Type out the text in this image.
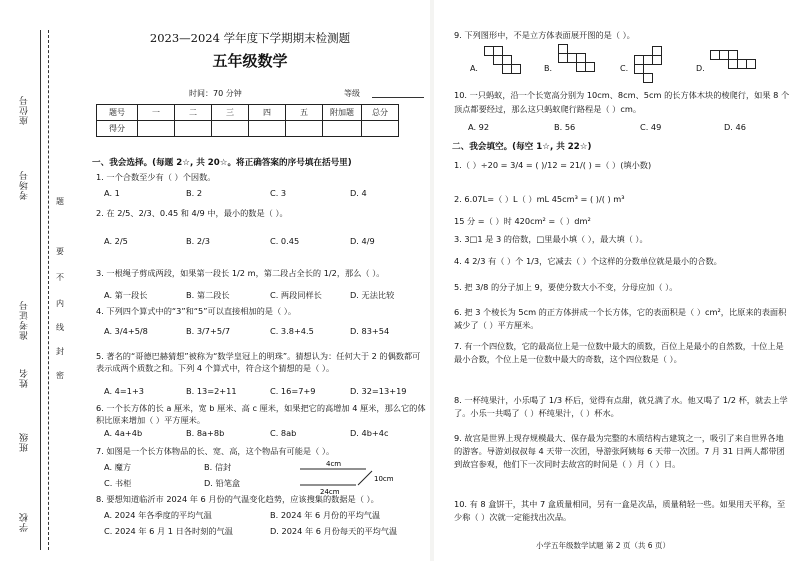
座位号
考场号
准考证号
姓名
班级
学校
题
要
不
内
线
封
密
2023—2024 学年度下学期期末检测题
五年级数学
时间：70 分钟	等级
题号	一	二	三	四	五	附加题	总分
得分							
一、我会选择。(每题 2☆, 共 20☆。将正确答案的序号填在括号里)
1. 一个合数至少有（ ）个因数。
A. 1	B. 2	C. 3	D. 4
2. 在 2/5、2/3、0.45 和 4/9 中，最小的数是（ ）。
A. 2/5	B. 2/3	C. 0.45	D. 4/9
3. 一根绳子剪成两段，如果第一段长 1/2 m，第二段占全长的 1/2，那么（ ）。
A. 第一段长	B. 第二段长	C. 两段同样长	D. 无法比较
4. 下列四个算式中的“3”和“5”可以直接相加的是（ ）。
A. 3/4+5/8	B. 3/7+5/7	C. 3.8+4.5	D. 83+54
5. 著名的“哥德巴赫猜想”被称为“数学皇冠上的明珠”。猜想认为：任何大于 2 的偶数都可表示成两个质数之和。下列 4 个算式中，符合这个猜想的是（ ）。
A. 4=1+3	B. 13=2+11	C. 16=7+9	D. 32=13+19
6. 一个长方体的长 a 厘米，宽 b 厘米、高 c 厘米，如果把它的高增加 4 厘米，那么它的体积比原来增加（ ）平方厘米。
A. 4a+4b	B. 8a+8b	C. 8ab	D. 4b+4c
7. 如图是一个长方体物品的长、宽、高，这个物品有可能是（ ）。
A. 魔方	B. 信封
C. 书柜	D. 铅笔盒
8. 要想知道临沂市 2024 年 6 月份的气温变化趋势，应该搜集的数据是（ ）。
A. 2024 年各季度的平均气温	B. 2024 年 6 月份的平均气温
C. 2024 年 6 月 1 日各时刻的气温	D. 2024 年 6 月份每天的平均气温
4cm
10cm
24cm
9. 下列图形中，不是立方体表面展开图的是（ ）。
A.	B.	C.	D.
10. 一只蚂蚁，沿一个长宽高分别为 10cm、8cm、5cm 的长方体木块的棱爬行，如果 8 个顶点都要经过，那么这只蚂蚁爬行路程是（ ）cm。
A. 92	B. 56	C. 49	D. 46
二、我会填空。(每空 1☆, 共 22☆)
1.（ ）÷20 = 3/4 = ( )/12 = 21/( ) =（ ）(填小数)
2. 6.07L=（ ）L（ ）mL 45cm³ = ( )/( ) m³
15 分 =（ ）时 420cm² =（ ）dm²
3. 3□1 是 3 的倍数，□里最小填（ ），最大填（ ）。
4. 4 2/3 有（ ）个 1/3，它减去（ ）个这样的分数单位就是最小的合数。
5. 把 3/8 的分子加上 9，要使分数大小不变，分母应加（ ）。
6. 把 3 个棱长为 5cm 的正方体拼成一个长方体，它的表面积是（ ）cm²，比原来的表面积减少了（ ）平方厘米。
7. 有一个四位数，它的最高位上是一位数中最大的质数，百位上是最小的自然数，十位上是最小合数，个位上是一位数中最大的奇数，这个四位数是（ ）。
8. 一杯纯果汁，小乐喝了 1/3 杯后，觉得有点甜，就兑满了水。他又喝了 1/2 杯，就去上学了。小乐一共喝了（ ）杯纯果汁，（ ）杯水。
9. 故宫是世界上现存规模最大、保存最为完整的木质结构古建筑之一，吸引了来自世界各地的游客。导游刘叔叔每 4 天带一次团，导游张阿姨每 6 天带一次团。7 月 31 日两人都带团到故宫参观，他们下一次同时去故宫的时间是（ ）月（ ）日。
10. 有 8 盒饼干，其中 7 盒质量相同，另有一盒是次品，质量稍轻一些。如果用天平称，至少称（ ）次就一定能找出次品。
小学五年级数学试题 第 2 页（共 6 页）
